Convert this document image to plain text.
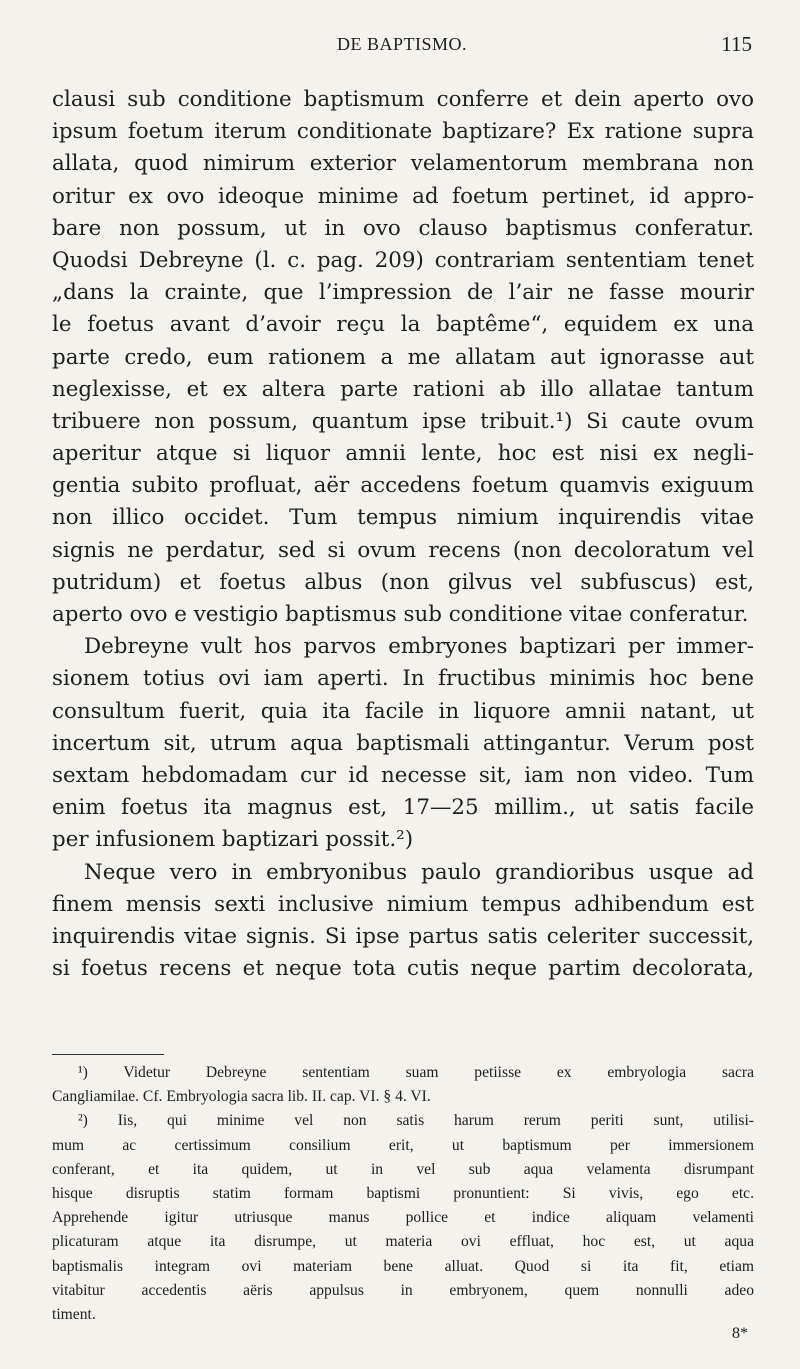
DE BAPTISMO.	115
clausi sub conditione baptismum conferre et dein aperto ovo
ipsum foetum iterum conditionate baptizare? Ex ratione supra
allata, quod nimirum exterior velamentorum membrana non
oritur ex ovo ideoque minime ad foetum pertinet, id appro-
bare non possum, ut in ovo clauso baptismus conferatur.
Quodsi Debreyne (l. c. pag. 209) contrariam sententiam tenet
„dans la crainte, que l’impression de l’air ne fasse mourir
le foetus avant d’avoir reçu la baptême“, equidem ex una
parte credo, eum rationem a me allatam aut ignorasse aut
neglexisse, et ex altera parte rationi ab illo allatae tantum
tribuere non possum, quantum ipse tribuit.¹) Si caute ovum
aperitur atque si liquor amnii lente, hoc est nisi ex negli-
gentia subito profluat, aër accedens foetum quamvis exiguum
non illico occidet. Tum tempus nimium inquirendis vitae
signis ne perdatur, sed si ovum recens (non decoloratum vel
putridum) et foetus albus (non gilvus vel subfuscus) est,
aperto ovo e vestigio baptismus sub conditione vitae conferatur.
Debreyne vult hos parvos embryones baptizari per immer-
sionem totius ovi iam aperti. In fructibus minimis hoc bene
consultum fuerit, quia ita facile in liquore amnii natant, ut
incertum sit, utrum aqua baptismali attingantur. Verum post
sextam hebdomadam cur id necesse sit, iam non video. Tum
enim foetus ita magnus est, 17—25 millim., ut satis facile
per infusionem baptizari possit.²)
Neque vero in embryonibus paulo grandioribus usque ad
finem mensis sexti inclusive nimium tempus adhibendum est
inquirendis vitae signis. Si ipse partus satis celeriter successit,
si foetus recens et neque tota cutis neque partim decolorata,
¹) Videtur Debreyne sententiam suam petiisse ex embryologia sacra
Cangliamilae. Cf. Embryologia sacra lib. II. cap. VI. § 4. VI.
²) Iis, qui minime vel non satis harum rerum periti sunt, utilisi-
mum ac certissimum consilium erit, ut baptismum per immersionem
conferant, et ita quidem, ut in vel sub aqua velamenta disrumpant
hisque disruptis statim formam baptismi pronuntient: Si vivis, ego etc.
Apprehende igitur utriusque manus pollice et indice aliquam velamenti
plicaturam atque ita disrumpe, ut materia ovi effluat, hoc est, ut aqua
baptismalis integram ovi materiam bene alluat. Quod si ita fit, etiam
vitabitur accedentis aëris appulsus in embryonem, quem nonnulli adeo
timent.
8*
